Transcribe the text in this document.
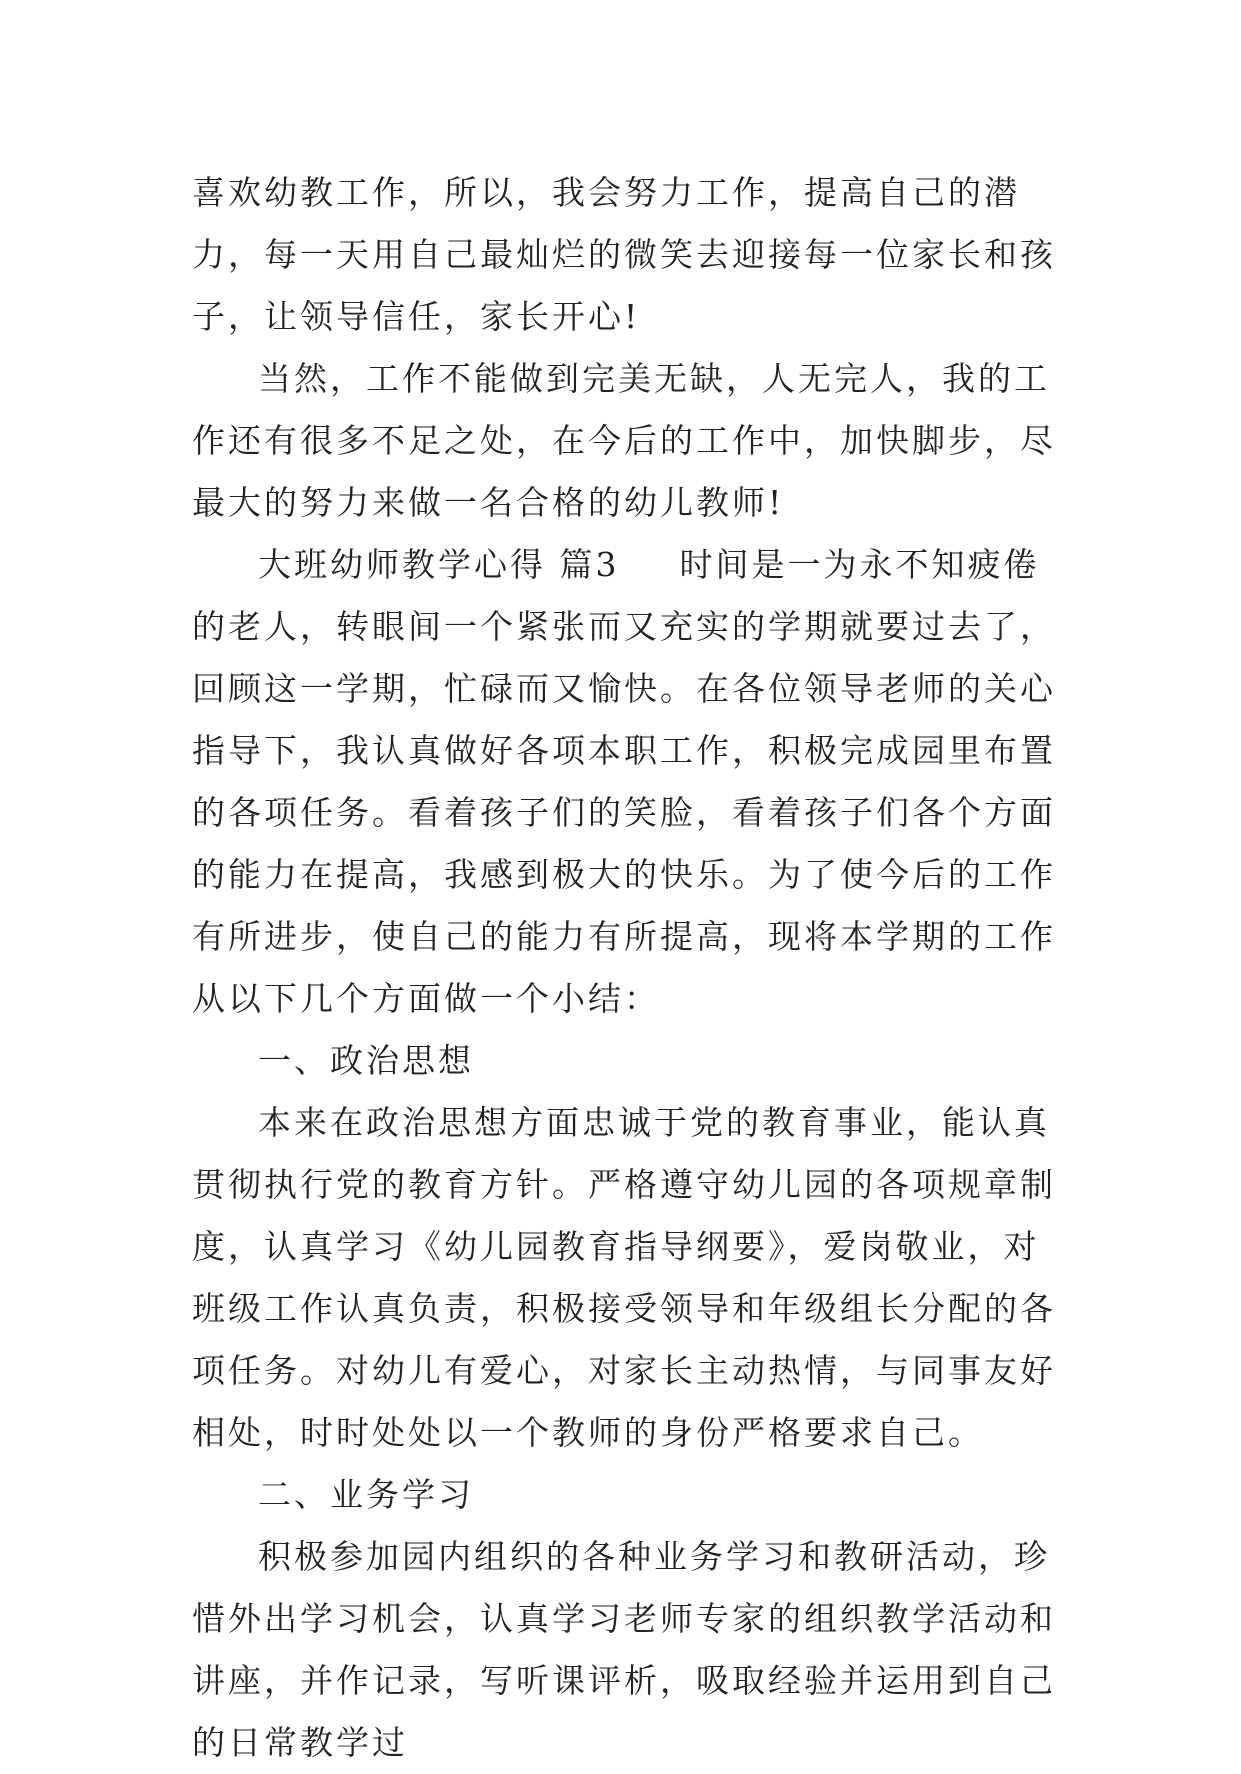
喜欢幼教工作，所以，我会努力工作，提高自己的潜力，每一天用自己最灿烂的微笑去迎接每一位家长和孩子，让领导信任，家长开心!

当然，工作不能做到完美无缺，人无完人，我的工作还有很多不足之处，在今后的工作中，加快脚步，尽最大的努力来做一名合格的幼儿教师!

大班幼师教学心得 篇3 时间是一为永不知疲倦的老人，转眼间一个紧张而又充实的学期就要过去了，回顾这一学期，忙碌而又愉快。在各位领导老师的关心指导下，我认真做好各项本职工作，积极完成园里布置的各项任务。看着孩子们的笑脸，看着孩子们各个方面的能力在提高，我感到极大的快乐。为了使今后的工作有所进步，使自己的能力有所提高，现将本学期的工作从以下几个方面做一个小结：

一、政治思想

本来在政治思想方面忠诚于党的教育事业，能认真贯彻执行党的教育方针。严格遵守幼儿园的各项规章制度，认真学习《幼儿园教育指导纲要》，爱岗敬业，对班级工作认真负责，积极接受领导和年级组长分配的各项任务。对幼儿有爱心，对家长主动热情，与同事友好相处，时时处处以一个教师的身份严格要求自己。

二、业务学习

积极参加园内组织的各种业务学习和教研活动，珍惜外出学习机会，认真学习老师专家的组织教学活动和讲座，并作记录，写听课评析，吸取经验并运用到自己的日常教学过
